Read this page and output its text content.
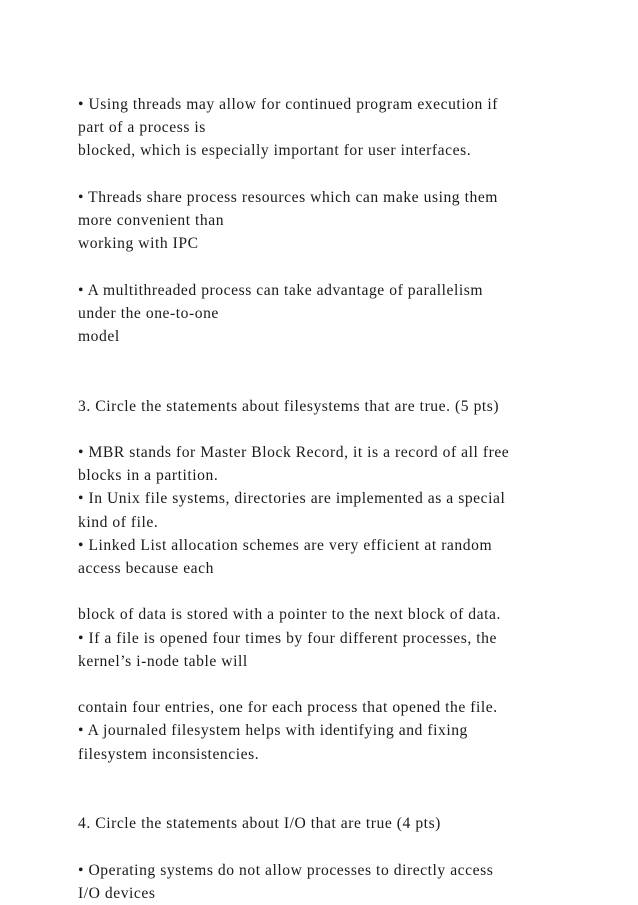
• Using threads may allow for continued program execution if
part of a process is
blocked, which is especially important for user interfaces.
• Threads share process resources which can make using them
more convenient than
working with IPC
• A multithreaded process can take advantage of parallelism
under the one-to-one
model
3. Circle the statements about filesystems that are true. (5 pts)
• MBR stands for Master Block Record, it is a record of all free
blocks in a partition.
• In Unix file systems, directories are implemented as a special
kind of file.
• Linked List allocation schemes are very efficient at random
access because each
block of data is stored with a pointer to the next block of data.
• If a file is opened four times by four different processes, the
kernel’s i-node table will
contain four entries, one for each process that opened the file.
• A journaled filesystem helps with identifying and fixing
filesystem inconsistencies.
4. Circle the statements about I/O that are true (4 pts)
• Operating systems do not allow processes to directly access
I/O devices
